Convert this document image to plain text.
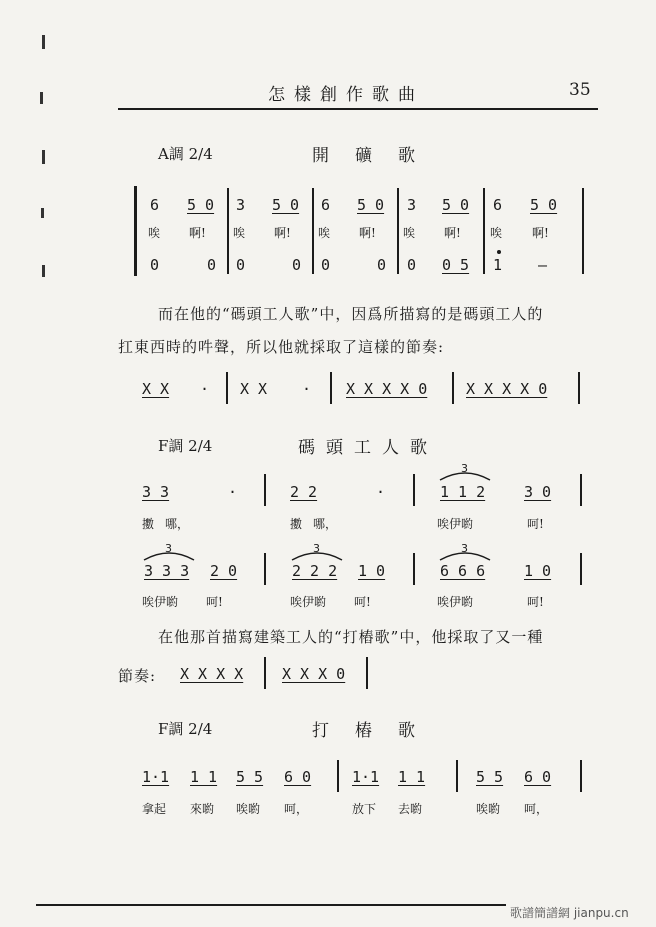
怎樣創作歌曲	35
A調 2/4	開礦歌
6 5 0 3 5 0 6 5 0 3 5 0 6 5 0
唉 啊! 唉 啊! 唉 啊! 唉 啊! 唉 啊!
0	0 0	0 0	0 0 0 5 1 —
而在他的“碼頭工人歌”中，因爲所描寫的是碼頭工人的
扛東西時的吽聲，所以他就採取了這樣的節奏:
X X · X X · X X X X 0	X X X X 0
F調 2/4	碼頭工人歌
3 3	·	2 2	·
3
1 1 2	3 0
擻 哪，	擻 哪，	唉伊喲	呵!
3
3 3 3 2 0
3
2 2 2 1 0
3
6 6 6	1 0
唉伊喲 呵!	唉伊喲 呵!	唉伊喲	呵!
在他那首描寫建築工人的“打樁歌”中，他採取了又一種
節奏: X X X X	X X X 0
F調 2/4	打樁歌
1·1 1 1 5 5 6 0	1·1 1 1	5 5 6 0
拿起 來喲 唉喲 呵，	放下 去喲	唉喲 呵，
歌譜簡譜網 jianpu.cn
